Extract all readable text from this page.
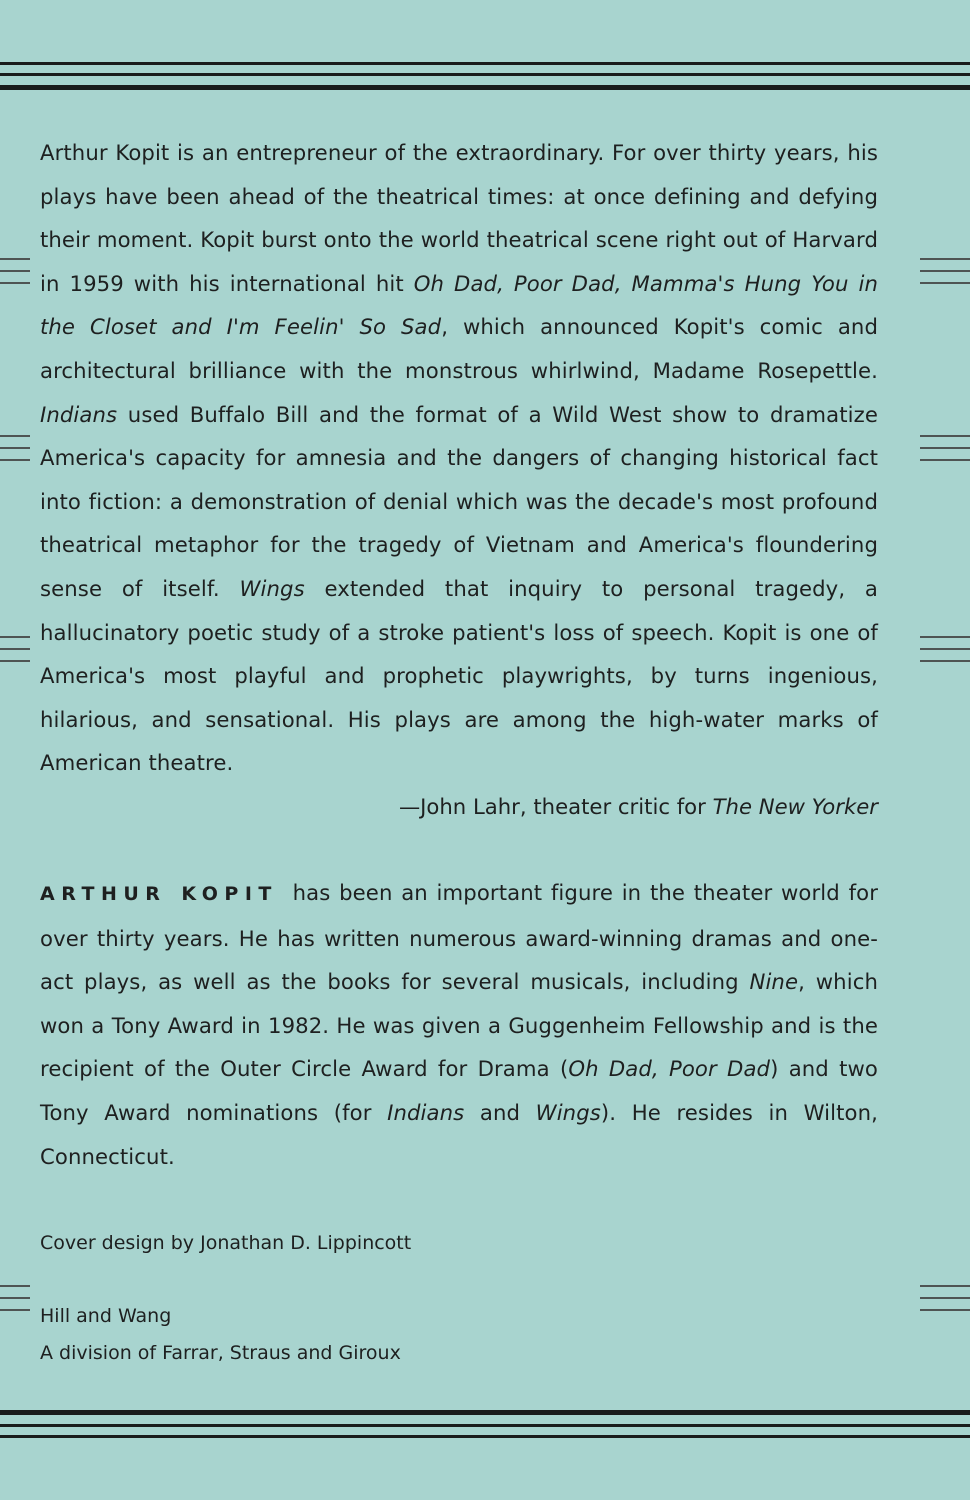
Arthur Kopit is an entrepreneur of the extraordinary. For over thirty years, his plays have been ahead of the theatrical times: at once defining and defying their moment. Kopit burst onto the world theatrical scene right out of Harvard in 1959 with his international hit Oh Dad, Poor Dad, Mamma's Hung You in the Closet and I'm Feelin' So Sad, which announced Kopit's comic and architectural brilliance with the monstrous whirlwind, Madame Rosepettle. Indians used Buffalo Bill and the format of a Wild West show to dramatize America's capacity for amnesia and the dangers of changing historical fact into fiction: a demonstration of denial which was the decade's most profound theatrical metaphor for the tragedy of Vietnam and America's floundering sense of itself. Wings extended that inquiry to personal tragedy, a hallucinatory poetic study of a stroke patient's loss of speech. Kopit is one of America's most playful and prophetic playwrights, by turns ingenious, hilarious, and sensational. His plays are among the high-water marks of American theatre.
—John Lahr, theater critic for The New Yorker
ARTHUR KOPIT has been an important figure in the theater world for over thirty years. He has written numerous award-winning dramas and one-act plays, as well as the books for several musicals, including Nine, which won a Tony Award in 1982. He was given a Guggenheim Fellowship and is the recipient of the Outer Circle Award for Drama (Oh Dad, Poor Dad) and two Tony Award nominations (for Indians and Wings). He resides in Wilton, Connecticut.
Cover design by Jonathan D. Lippincott
Hill and Wang
A division of Farrar, Straus and Giroux
